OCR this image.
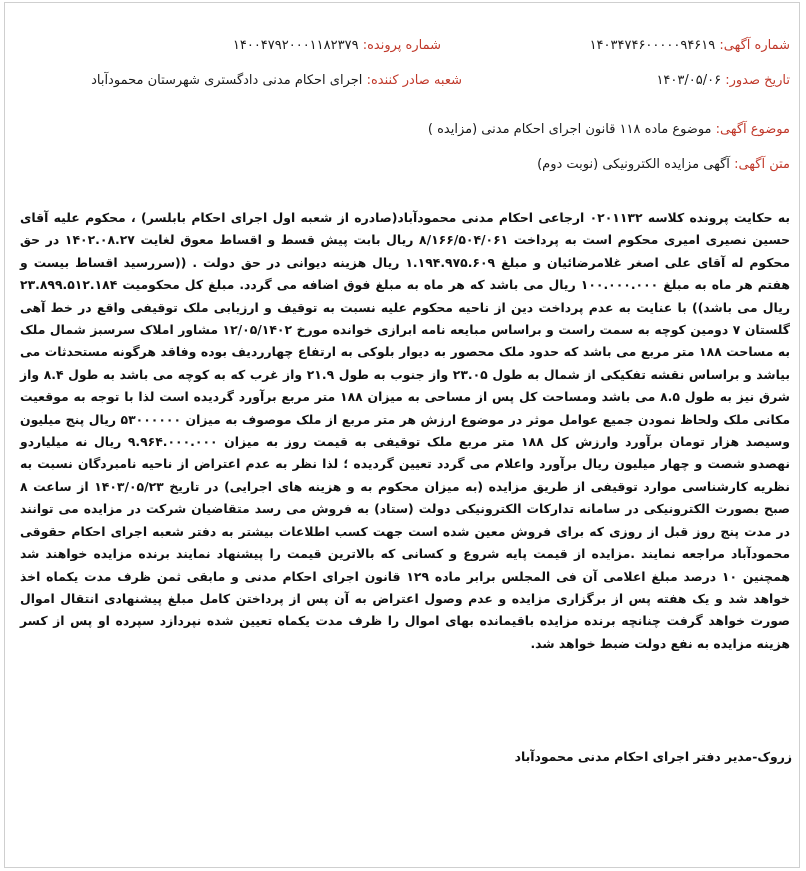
شماره آگهی: ۱۴۰۳۴۷۴۶۰۰۰۰۰۹۴۶۱۹
شماره پرونده: ۱۴۰۰۴۷۹۲۰۰۰۱۱۸۲۳۷۹
تاریخ صدور: ۱۴۰۳/۰۵/۰۶
شعبه صادر کننده: اجرای احکام مدنی دادگستری شهرستان محمودآباد
موضوع آگهی: موضوع ماده ۱۱۸ قانون اجرای احکام مدنی (مزایده )
متن آگهی: آگهی مزایده الکترونیکی (نوبت دوم)
به حکایت پرونده کلاسه ۰۲۰۱۱۳۲ ارجاعی احکام مدنی محمودآباد(صادره از شعبه اول اجرای احکام بابلسر) ، محکوم علیه آقای حسین نصیری امیری محکوم است به پرداخت ۸/۱۶۶/۵۰۴/۰۶۱ ریال بابت پیش قسط و اقساط معوق لغایت ۱۴۰۲.۰۸.۲۷ در حق محکوم له آقای علی اصغر غلامرضائیان و مبلغ ۱.۱۹۴.۹۷۵.۶۰۹ ریال هزینه دیوانی در حق دولت . ((سررسید اقساط بیست و هفتم هر ماه به مبلغ ۱۰۰.۰۰۰.۰۰۰ ریال می باشد که هر ماه به مبلغ فوق اضافه می گردد. مبلغ کل محکومیت ۲۳.۸۹۹.۵۱۲.۱۸۴ ریال می باشد)) با عنایت به عدم پرداخت دین از ناحیه محکوم علیه نسبت به توقیف و ارزیابی ملک توقیفی واقع در خط آهی گلستان ۷ دومین کوچه به سمت راست و براساس مبایعه نامه ابرازی خوانده مورخ ۱۲/۰۵/۱۴۰۲ مشاور املاک سرسبز شمال ملک به مساحت ۱۸۸ متر مربع می باشد که حدود ملک محصور به دیوار بلوکی به ارتفاع چهارردیف بوده وفاقد هرگونه مستحدثات می بیاشد و براساس نقشه تفکیکی از شمال به طول ۲۳.۰۵ واز جنوب به طول ۲۱.۹ واز غرب که به کوچه می باشد به طول ۸.۴ واز شرق نیز به طول ۸.۵ می باشد ومساحت کل پس از مساحی به میزان ۱۸۸ متر مربع برآورد گردیده است لذا با توجه به موقعیت مکانی ملک ولحاظ نمودن جمیع عوامل موثر در موضوع ارزش هر متر مربع از ملک موصوف به میزان ۵۳۰۰۰۰۰۰ ریال پنج میلیون وسیصد هزار تومان برآورد وارزش کل ۱۸۸ متر مربع ملک توقیفی به قیمت روز به میزان ۹.۹۶۴.۰۰۰.۰۰۰ ریال نه میلیاردو نهصدو شصت و چهار میلیون ریال برآورد واعلام می گردد تعیین گردیده ؛ لذا نظر به عدم اعتراض از ناحیه نامبردگان نسبت به نظریه کارشناسی موارد توقیفی از طریق مزایده (به میزان محکوم به و هزینه های اجرایی) در تاریخ ۱۴۰۳/۰۵/۲۳ از ساعت ۸ صبح بصورت الکترونیکی در سامانه تدارکات الکترونیکی دولت (ستاد) به فروش می رسد متقاضیان شرکت در مزایده می توانند در مدت پنج روز قبل از روزی که برای فروش معین شده است جهت کسب اطلاعات بیشتر به دفتر شعبه اجرای احکام حقوقی محمودآباد مراجعه نمایند .مزایده از قیمت پایه شروع و کسانی که بالاترین قیمت را پیشنهاد نمایند برنده مزایده خواهند شد همچنین ۱۰ درصد مبلغ اعلامی آن فی المجلس برابر ماده ۱۲۹ قانون اجرای احکام مدنی و مابقی ثمن ظرف مدت یکماه اخذ خواهد شد و یک هفته پس از برگزاری مزایده و عدم وصول اعتراض به آن پس از پرداختن کامل مبلغ پیشنهادی انتقال اموال صورت خواهد گرفت چنانچه برنده مزایده باقیمانده بهای اموال را ظرف مدت یکماه تعیین شده نپردازد سپرده او پس از کسر هزینه مزایده به نفع دولت ضبط خواهد شد.
زروک-مدیر دفتر اجرای احکام مدنی محمودآباد
